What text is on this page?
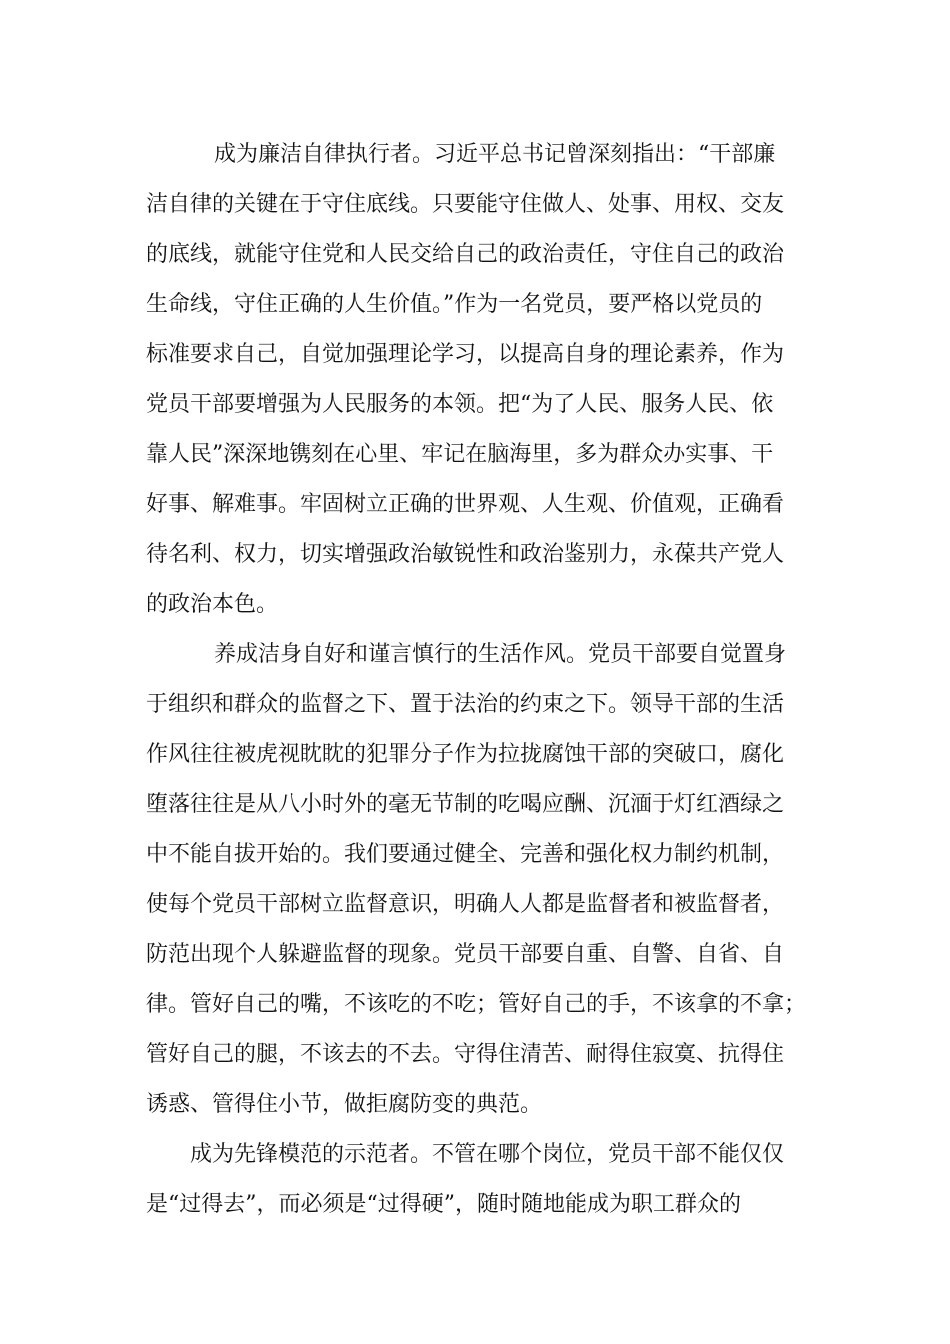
成为廉洁自律执行者。习近平总书记曾深刻指出：“干部廉
洁自律的关键在于守住底线。只要能守住做人、处事、用权、交友
的底线，就能守住党和人民交给自己的政治责任，守住自己的政治
生命线，守住正确的人生价值。”作为一名党员，要严格以党员的
标准要求自己，自觉加强理论学习，以提高自身的理论素养，作为
党员干部要增强为人民服务的本领。把“为了人民、服务人民、依
靠人民”深深地镌刻在心里、牢记在脑海里，多为群众办实事、干
好事、解难事。牢固树立正确的世界观、人生观、价值观，正确看
待名利、权力，切实增强政治敏锐性和政治鉴别力，永葆共产党人
的政治本色。
养成洁身自好和谨言慎行的生活作风。党员干部要自觉置身
于组织和群众的监督之下、置于法治的约束之下。领导干部的生活
作风往往被虎视眈眈的犯罪分子作为拉拢腐蚀干部的突破口，腐化
堕落往往是从八小时外的毫无节制的吃喝应酬、沉湎于灯红酒绿之
中不能自拔开始的。我们要通过健全、完善和强化权力制约机制，
使每个党员干部树立监督意识，明确人人都是监督者和被监督者，
防范出现个人躲避监督的现象。党员干部要自重、自警、自省、自
律。管好自己的嘴，不该吃的不吃；管好自己的手，不该拿的不拿；
管好自己的腿，不该去的不去。守得住清苦、耐得住寂寞、抗得住
诱惑、管得住小节，做拒腐防变的典范。
成为先锋模范的示范者。不管在哪个岗位，党员干部不能仅仅
是“过得去”，而必须是“过得硬”，随时随地能成为职工群众的
